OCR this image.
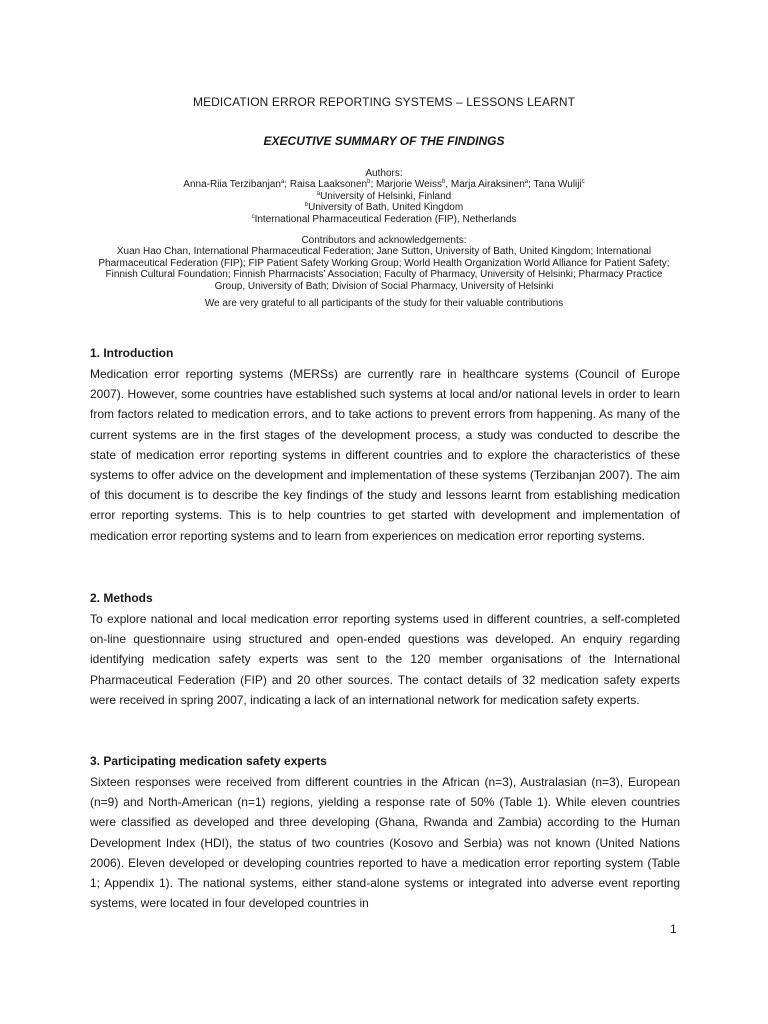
MEDICATION ERROR REPORTING SYSTEMS – LESSONS LEARNT
EXECUTIVE SUMMARY OF THE FINDINGS
Authors:
Anna-Riia Terzibanjan$^a$; Raisa Laaksonen$^b$; Marjorie Weiss$^b$, Marja Airaksinen$^a$; Tana Wuliji$^c$
$^a$University of Helsinki, Finland
$^b$University of Bath, United Kingdom
$^c$International Pharmaceutical Federation (FIP), Netherlands
Contributors and acknowledgements:
Xuan Hao Chan, International Pharmaceutical Federation; Jane Sutton, University of Bath, United Kingdom; International
Pharmaceutical Federation (FIP); FIP Patient Safety Working Group; World Health Organization World Alliance for Patient Safety;
Finnish Cultural Foundation; Finnish Pharmacists’ Association; Faculty of Pharmacy, University of Helsinki; Pharmacy Practice
Group, University of Bath; Division of Social Pharmacy, University of Helsinki
We are very grateful to all participants of the study for their valuable contributions
1. Introduction

Medication error reporting systems (MERSs) are currently rare in healthcare systems (Council of Europe 2007). However, some countries have established such systems at local and/or national levels in order to learn from factors related to medication errors, and to take actions to prevent errors from happening. As many of the current systems are in the first stages of the development process, a study was conducted to describe the state of medication error reporting systems in different countries and to explore the characteristics of these systems to offer advice on the development and implementation of these systems (Terzibanjan 2007). The aim of this document is to describe the key findings of the study and lessons learnt from establishing medication error reporting systems. This is to help countries to get started with development and implementation of medication error reporting systems and to learn from experiences on medication error reporting systems.

2. Methods

To explore national and local medication error reporting systems used in different countries, a self-completed on-line questionnaire using structured and open-ended questions was developed. An enquiry regarding identifying medication safety experts was sent to the 120 member organisations of the International Pharmaceutical Federation (FIP) and 20 other sources. The contact details of 32 medication safety experts were received in spring 2007, indicating a lack of an international network for medication safety experts.

3. Participating medication safety experts

Sixteen responses were received from different countries in the African (n=3), Australasian (n=3), European (n=9) and North-American (n=1) regions, yielding a response rate of 50% (Table 1). While eleven countries were classified as developed and three developing (Ghana, Rwanda and Zambia) according to the Human Development Index (HDI), the status of two countries (Kosovo and Serbia) was not known (United Nations 2006). Eleven developed or developing countries reported to have a medication error reporting system (Table 1; Appendix 1). The national systems, either stand-alone systems or integrated into adverse event reporting systems, were located in four developed countries in

1
